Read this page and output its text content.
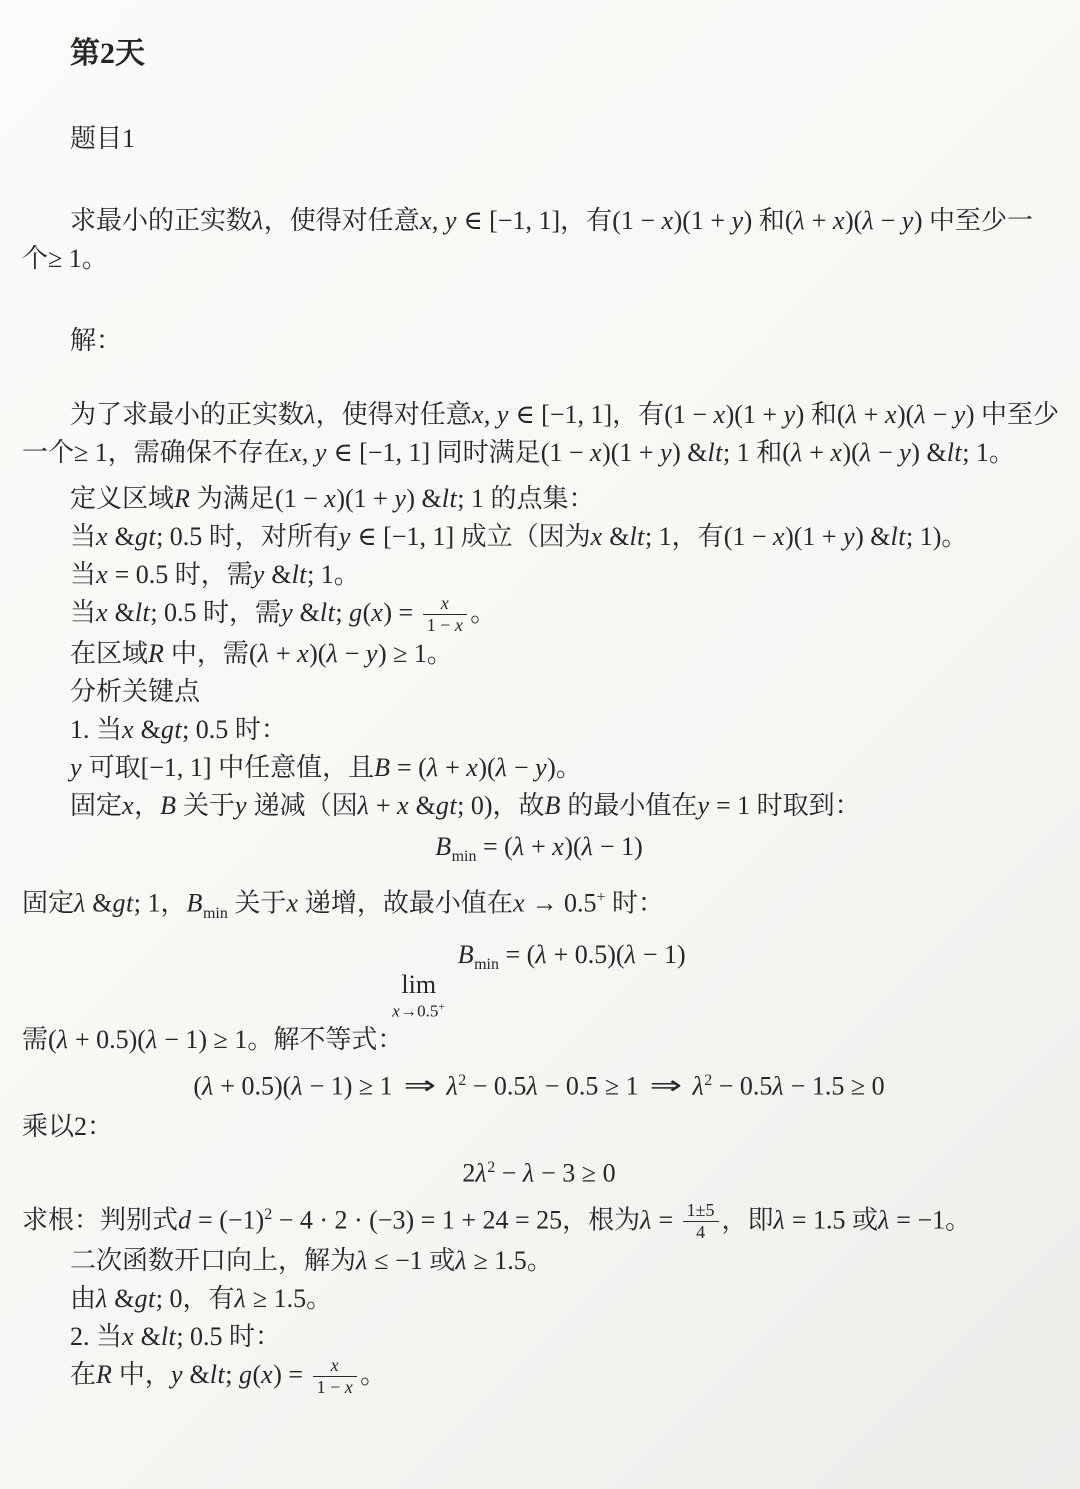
第2天
题目1
求最小的正实数λ，使得对任意x, y ∈ [−1, 1]，有(1 − x)(1 + y) 和(λ + x)(λ − y) 中至少一
个≥ 1。
解：
为了求最小的正实数λ，使得对任意x, y ∈ [−1, 1]，有(1 − x)(1 + y) 和(λ + x)(λ − y) 中至少
一个≥ 1，需确保不存在x, y ∈ [−1, 1] 同时满足(1 − x)(1 + y) &lt; 1 和(λ + x)(λ − y) &lt; 1。
定义区域R 为满足(1 − x)(1 + y) &lt; 1 的点集：
当x &gt; 0.5 时，对所有y ∈ [−1, 1] 成立（因为x &lt; 1，有(1 − x)(1 + y) &lt; 1)。
当x = 0.5 时，需y &lt; 1。
当x &lt; 0.5 时，需y &lt; $g(x) = \frac{x}{1 - x}$ 。
在区域R 中，需(λ + x)(λ − y) ≥ 1。
分析关键点
1. 当x &gt; 0.5 时：
y 可取[−1, 1] 中任意值，且B = (λ + x)(λ − y)。
固定x，B 关于y 递减（因λ + x &gt; 0)，故B 的最小值在y = 1 时取到：
$B_{min} = (\lambda + x)(\lambda - 1)$
固定λ &gt; 1，$B_{min}$ 关于x 递增，故最小值在x → 0.5+ 时：
lim
x→0.5+
$B_{min} = (\lambda + 0.5)(\lambda - 1)$
需(λ + 0.5)(λ − 1) ≥ 1。解不等式：
(λ + 0.5)(λ − 1) ≥ 1 ⇒ $\lambda^2 - 0.5\lambda - 0.5 \ge 1$ ⇒ $\lambda^2 - 0.5\lambda - 1.5 \ge 0$
乘以2：
$2\lambda^2 - \lambda - 3 \ge 0$
求根：判别式$d = (-1)^2 - 4 \cdot 2 \cdot (-3) = 1 + 24 = 25$，根为$\lambda = \frac{1\pm 5}{4}$ ，即λ = 1.5 或λ = −1。
二次函数开口向上，解为λ ≤ −1 或λ ≥ 1.5。
由λ &gt; 0，有λ ≥ 1.5。
2. 当x &lt; 0.5 时：
在R 中，y &lt; $g(x) = \frac{x}{1 - x}$ 。
